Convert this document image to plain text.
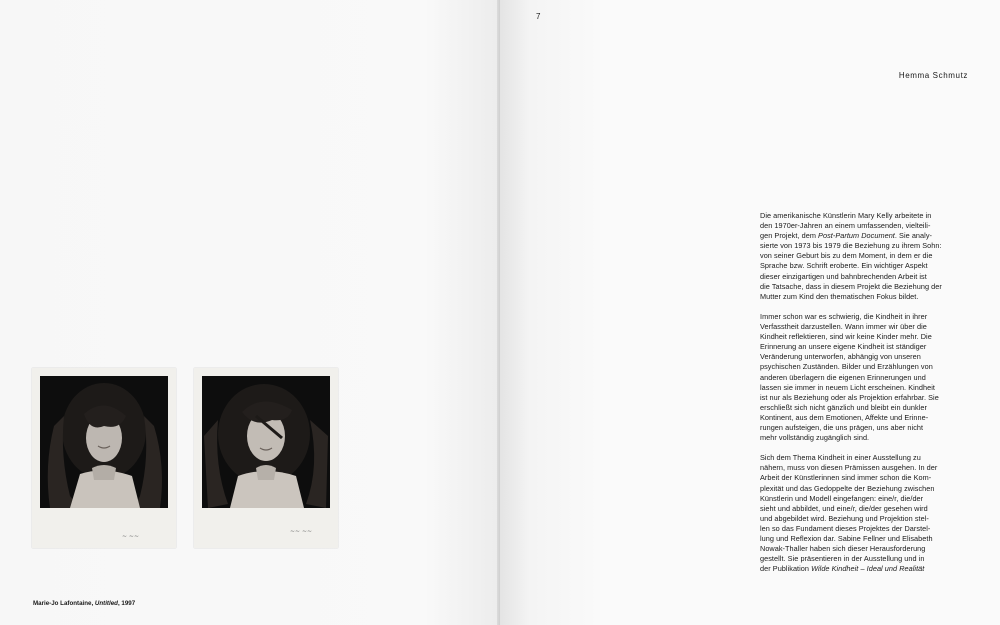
~ ~~
~~ ~~
Marie-Jo Lafontaine, Untitled, 1997
7
Hemma Schmutz
Die amerikanische Künstlerin Mary Kelly arbeitete in
den 1970er-Jahren an einem umfassenden, vielteili-
gen Projekt, dem Post-Partum Document. Sie analy-
sierte von 1973 bis 1979 die Beziehung zu ihrem Sohn:
von seiner Geburt bis zu dem Moment, in dem er die
Sprache bzw. Schrift eroberte. Ein wichtiger Aspekt
dieser einzigartigen und bahnbrechenden Arbeit ist
die Tatsache, dass in diesem Projekt die Beziehung der
Mutter zum Kind den thematischen Fokus bildet.
Immer schon war es schwierig, die Kindheit in ihrer
Verfasstheit darzustellen. Wann immer wir über die
Kindheit reflektieren, sind wir keine Kinder mehr. Die
Erinnerung an unsere eigene Kindheit ist ständiger
Veränderung unterworfen, abhängig von unseren
psychischen Zuständen. Bilder und Erzählungen von
anderen überlagern die eigenen Erinnerungen und
lassen sie immer in neuem Licht erscheinen. Kindheit
ist nur als Beziehung oder als Projektion erfahrbar. Sie
erschließt sich nicht gänzlich und bleibt ein dunkler
Kontinent, aus dem Emotionen, Affekte und Erinne-
rungen aufsteigen, die uns prägen, uns aber nicht
mehr vollständig zugänglich sind.
Sich dem Thema Kindheit in einer Ausstellung zu
nähern, muss von diesen Prämissen ausgehen. In der
Arbeit der Künstlerinnen sind immer schon die Kom-
plexität und das Gedoppelte der Beziehung zwischen
Künstlerin und Modell eingefangen: eine/r, die/der
sieht und abbildet, und eine/r, die/der gesehen wird
und abgebildet wird. Beziehung und Projektion stel-
len so das Fundament dieses Projektes der Darstel-
lung und Reflexion dar. Sabine Fellner und Elisabeth
Nowak-Thaller haben sich dieser Herausforderung
gestellt. Sie präsentieren in der Ausstellung und in
der Publikation Wilde Kindheit – Ideal und Realität
